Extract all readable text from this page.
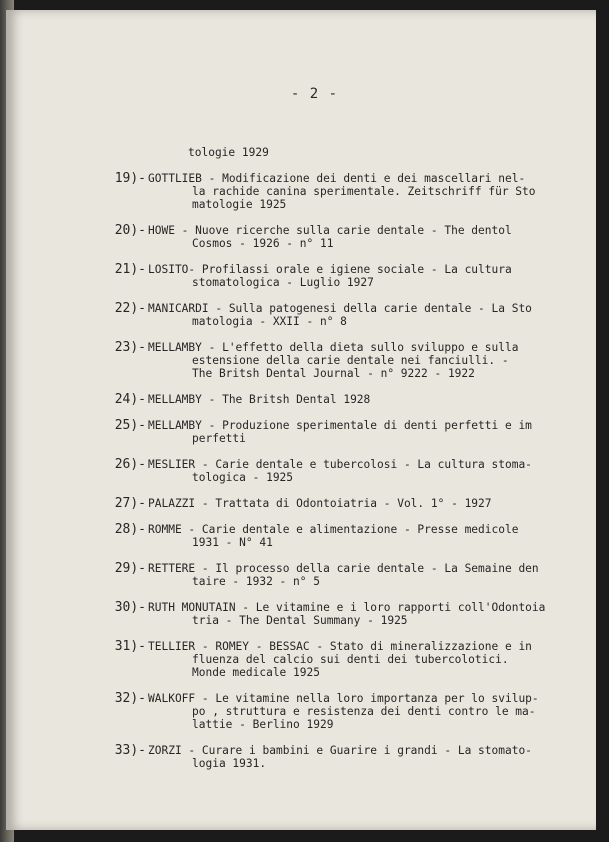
- 2 -
tologie 1929
19)- GOTTLIEB - Modificazione dei denti e dei mascellari nel-
la rachide canina sperimentale. Zeitschriff für Sto
matologie 1925
20)- HOWE - Nuove ricerche sulla carie dentale - The dentol
Cosmos - 1926 - n° 11
21)- LOSITO- Profilassi orale e igiene sociale - La cultura
stomatologica - Luglio 1927
22)- MANICARDI - Sulla patogenesi della carie dentale - La Sto
matologia - XXII - n° 8
23)- MELLAMBY - L'effetto della dieta sullo sviluppo e sulla
estensione della carie dentale nei fanciulli. -
The Britsh Dental Journal - n° 9222 - 1922
24)- MELLAMBY - The Britsh Dental 1928
25)- MELLAMBY - Produzione sperimentale di denti perfetti e im
perfetti
26)- MESLIER - Carie dentale e tubercolosi - La cultura stoma-
tologica - 1925
27)- PALAZZI - Trattata di Odontoiatria - Vol. 1° - 1927
28)- ROMME - Carie dentale e alimentazione - Presse medicole
1931 - N° 41
29)- RETTERE - Il processo della carie dentale - La Semaine den
taire - 1932 - n° 5
30)- RUTH MONUTAIN - Le vitamine e i loro rapporti coll'Odontoia
tria - The Dental Summany - 1925
31)- TELLIER - ROMEY - BESSAC - Stato di mineralizzazione e in
fluenza del calcio sui denti dei tubercolotici.
Monde medicale 1925
32)- WALKOFF - Le vitamine nella loro importanza per lo svilup-
po , struttura e resistenza dei denti contro le ma-
lattie - Berlino 1929
33)- ZORZI - Curare i bambini e Guarire i grandi - La stomato-
logia 1931.
